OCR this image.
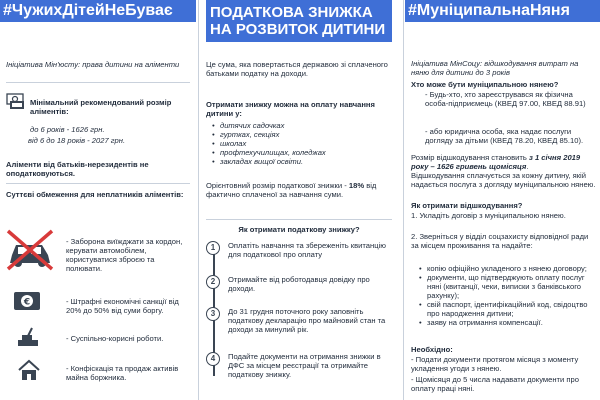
#ЧужихДітейНеБуває
Ініціатива Мін'юсту: права дитини на аліменти
Мінімальний рекомендований розмір аліментів:
до 6 років - 1626 грн.
від 6 до 18 років - 2027 грн.
Аліменти від батьків-нерезидентів не оподатковуються.
Суттєві обмеження для неплатників аліментів:
- Заборона виїжджати за кордон, керувати автомобілем, користуватися зброєю та полювати.
€	- Штрафні економічні санкції від 20% до 50% від суми боргу.
- Суспільно-корисні роботи.
- Конфіскація та продаж активів майна боржника.
ПОДАТКОВА ЗНИЖКА НА РОЗВИТОК ДИТИНИ
Це сума, яка повертається державою зі сплаченого батьками податку на доходи.
Отримати знижку можна на оплату навчання дитини у:
• дитячих садочках
• гуртках, секціях
• школах
• профтехучилищах, коледжах
• закладах вищої освіти.
Орієнтовний розмір податкової знижки - 18% від фактично сплаченої за навчання суми.
Як отримати податкову знижку?
1	Оплатіть навчання та збереженіть квитанцію для податкової про оплату
2	Отримайте від роботодавця довідку про доходи.
3	До 31 грудня поточного року заповніть податкову декларацію про майновий стан та доходи за минулий рік.
4	Подайте документи на отримання знижки в ДФС за місцем реєстрації та отримайте податкову знижку.
#МуніципальнаНяня
Ініціатива МінСоцу: відшкодування витрат на няню для дитини до 3 років
Хто може бути муніципальною нянею?
- Будь-хто, хто зареєструвався як фізична особа-підприємець (КВЕД 97.00, КВЕД 88.91)
- або юридична особа, яка надає послуги догляду за дітьми (КВЕД 78.20, КВЕД 85.10).
Розмір відшкодування становить з 1 січня 2019 року – 1626 гривень щомісяця.
Відшкодування сплачується за кожну дитину, якій надається послуга з догляду муніципальною нянею.
Як отримати відшкодування?
1. Укладіть договір з муніципальною нянею.
2. Зверніться у відділ соцзахисту відповідної ради за місцем проживання та надайте:
• копію офіційно укладеного з нянею договору;
• документи, що підтверджують оплату послуг няні (квитанції, чеки, виписки з банківського рахунку);
• свій паспорт, ідентифікаційний код, свідоцтво про народження дитини;
• заяву на отримання компенсації.
Необхідно:
- Подати документи протягом місяця з моменту укладення угоди з нянею.
- Щомісяця до 5 числа надавати документи про оплату праці няні.
